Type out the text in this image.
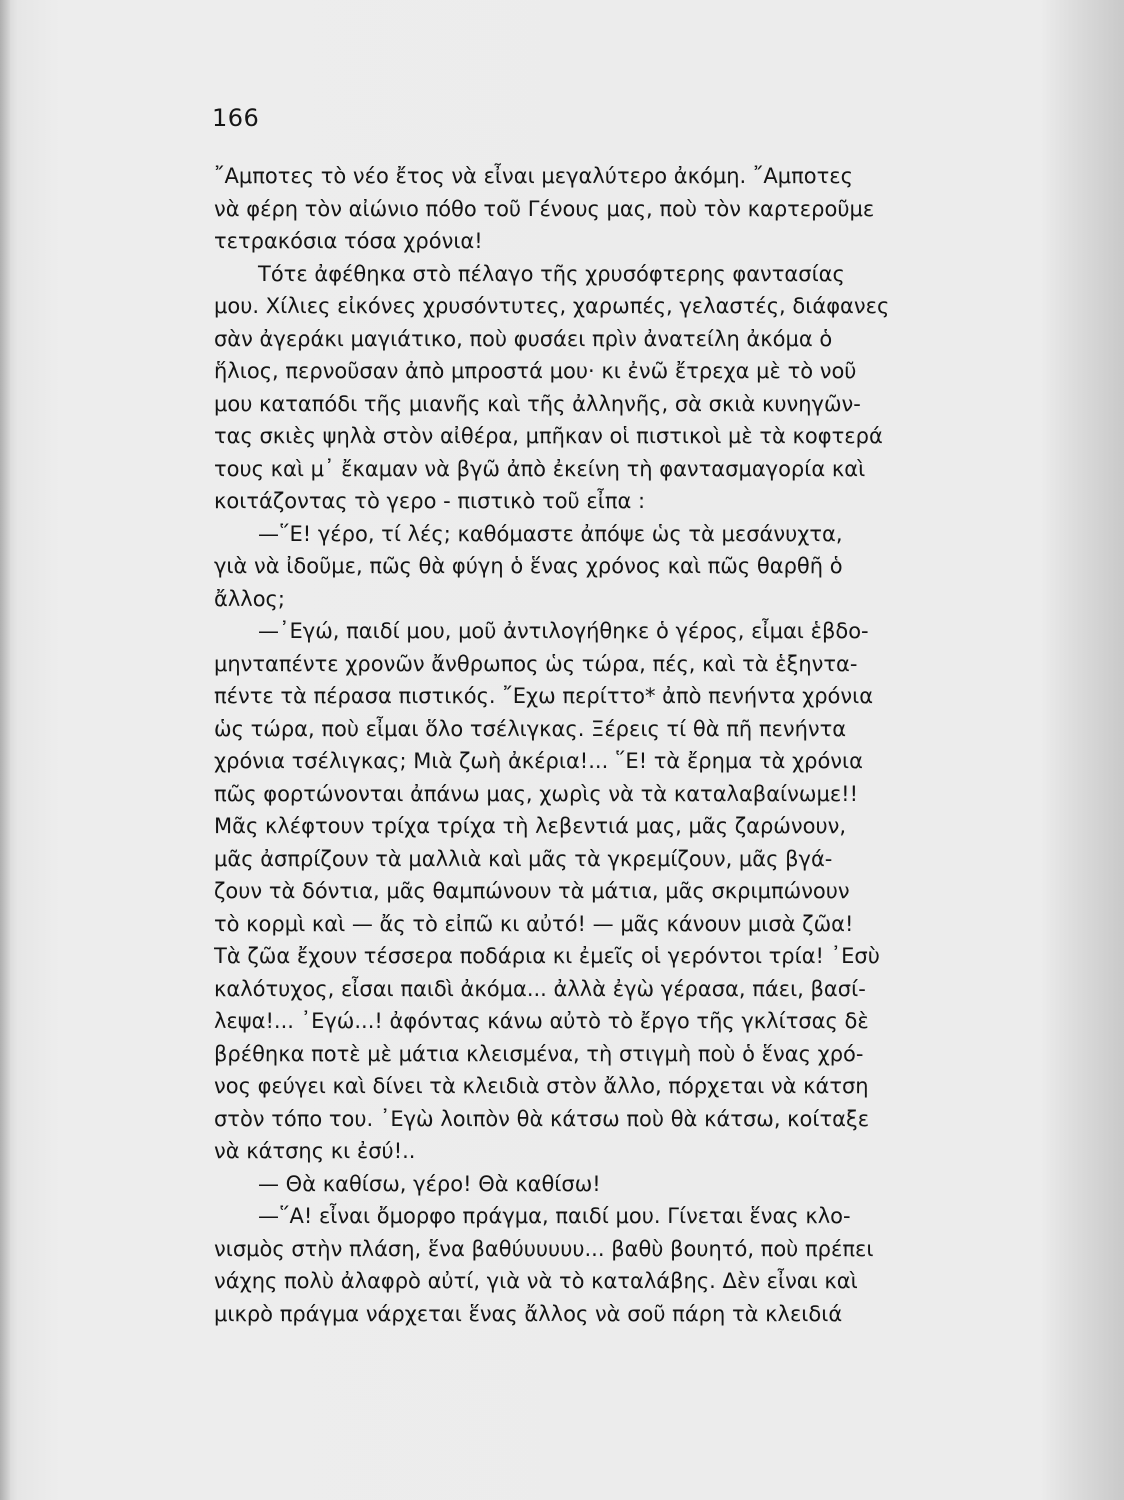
166
῎Αμποτες τὸ νέο ἔτος νὰ εἶναι μεγαλύτερο ἀκόμη. ῎Αμποτες
νὰ φέρη τὸν αἰώνιο πόθο τοῦ Γένους μας, ποὺ τὸν καρτεροῦμε
τετρακόσια τόσα χρόνια!
Τότε ἀφέθηκα στὸ πέλαγο τῆς χρυσόφτερης φαντασίας
μου. Χίλιες εἰκόνες χρυσόντυτες, χαρωπές, γελαστές, διάφανες
σὰν ἀγεράκι μαγιάτικο, ποὺ φυσάει πρὶν ἀνατείλη ἀκόμα ὁ
ἥλιος, περνοῦσαν ἀπὸ μπροστά μου· κι ἐνῶ ἔτρεχα μὲ τὸ νοῦ
μου καταπόδι τῆς μιανῆς καὶ τῆς ἀλληνῆς, σὰ σκιὰ κυνηγῶν-
τας σκιὲς ψηλὰ στὸν αἰθέρα, μπῆκαν οἱ πιστικοὶ μὲ τὰ κοφτερά
τους καὶ μ᾽ ἔκαμαν νὰ βγῶ ἀπὸ ἐκείνη τὴ φαντασμαγορία καὶ
κοιτάζοντας τὸ γερο - πιστικὸ τοῦ εἶπα :
—῞Ε! γέρο, τί λές; καθόμαστε ἀπόψε ὡς τὰ μεσάνυχτα,
γιὰ νὰ ἰδοῦμε, πῶς θὰ φύγη ὁ ἕνας χρόνος καὶ πῶς θαρθῆ ὁ
ἄλλος;
—᾽Εγώ, παιδί μου, μοῦ ἀντιλογήθηκε ὁ γέρος, εἶμαι ἑβδο-
μηνταπέντε χρονῶν ἄνθρωπος ὡς τώρα, πές, καὶ τὰ ἑξηντα-
πέντε τὰ πέρασα πιστικός. ῎Εχω περίττο* ἀπὸ πενήντα χρόνια
ὡς τώρα, ποὺ εἶμαι ὅλο τσέλιγκας. Ξέρεις τί θὰ πῆ πενήντα
χρόνια τσέλιγκας; Μιὰ ζωὴ ἀκέρια!... ῞Ε! τὰ ἔρημα τὰ χρόνια
πῶς φορτώνονται ἀπάνω μας, χωρὶς νὰ τὰ καταλαβαίνωμε!!
Μᾶς κλέφτουν τρίχα τρίχα τὴ λεβεντιά μας, μᾶς ζαρώνουν,
μᾶς ἀσπρίζουν τὰ μαλλιὰ καὶ μᾶς τὰ γκρεμίζουν, μᾶς βγά-
ζουν τὰ δόντια, μᾶς θαμπώνουν τὰ μάτια, μᾶς σκριμπώνουν
τὸ κορμὶ καὶ — ἄς τὸ εἰπῶ κι αὐτό! — μᾶς κάνουν μισὰ ζῶα!
Τὰ ζῶα ἔχουν τέσσερα ποδάρια κι ἐμεῖς οἱ γερόντοι τρία! ᾽Εσὺ
καλότυχος, εἶσαι παιδὶ ἀκόμα... ἀλλὰ ἐγὼ γέρασα, πάει, βασί-
λεψα!... ᾽Εγώ...! ἀφόντας κάνω αὐτὸ τὸ ἔργο τῆς γκλίτσας δὲ
βρέθηκα ποτὲ μὲ μάτια κλεισμένα, τὴ στιγμὴ ποὺ ὁ ἕνας χρό-
νος φεύγει καὶ δίνει τὰ κλειδιὰ στὸν ἄλλο, πόρχεται νὰ κάτση
στὸν τόπο του. ᾽Εγὼ λοιπὸν θὰ κάτσω ποὺ θὰ κάτσω, κοίταξε
νὰ κάτσης κι ἐσύ!..
— Θὰ καθίσω, γέρο! Θὰ καθίσω!
—῞Α! εἶναι ὄμορφο πράγμα, παιδί μου. Γίνεται ἕνας κλο-
νισμὸς στὴν πλάση, ἕνα βαθύυυυυυ... βαθὺ βουητό, ποὺ πρέπει
νάχης πολὺ ἀλαφρὸ αὐτί, γιὰ νὰ τὸ καταλάβης. Δὲν εἶναι καὶ
μικρὸ πράγμα νάρχεται ἕνας ἄλλος νὰ σοῦ πάρη τὰ κλειδιά
